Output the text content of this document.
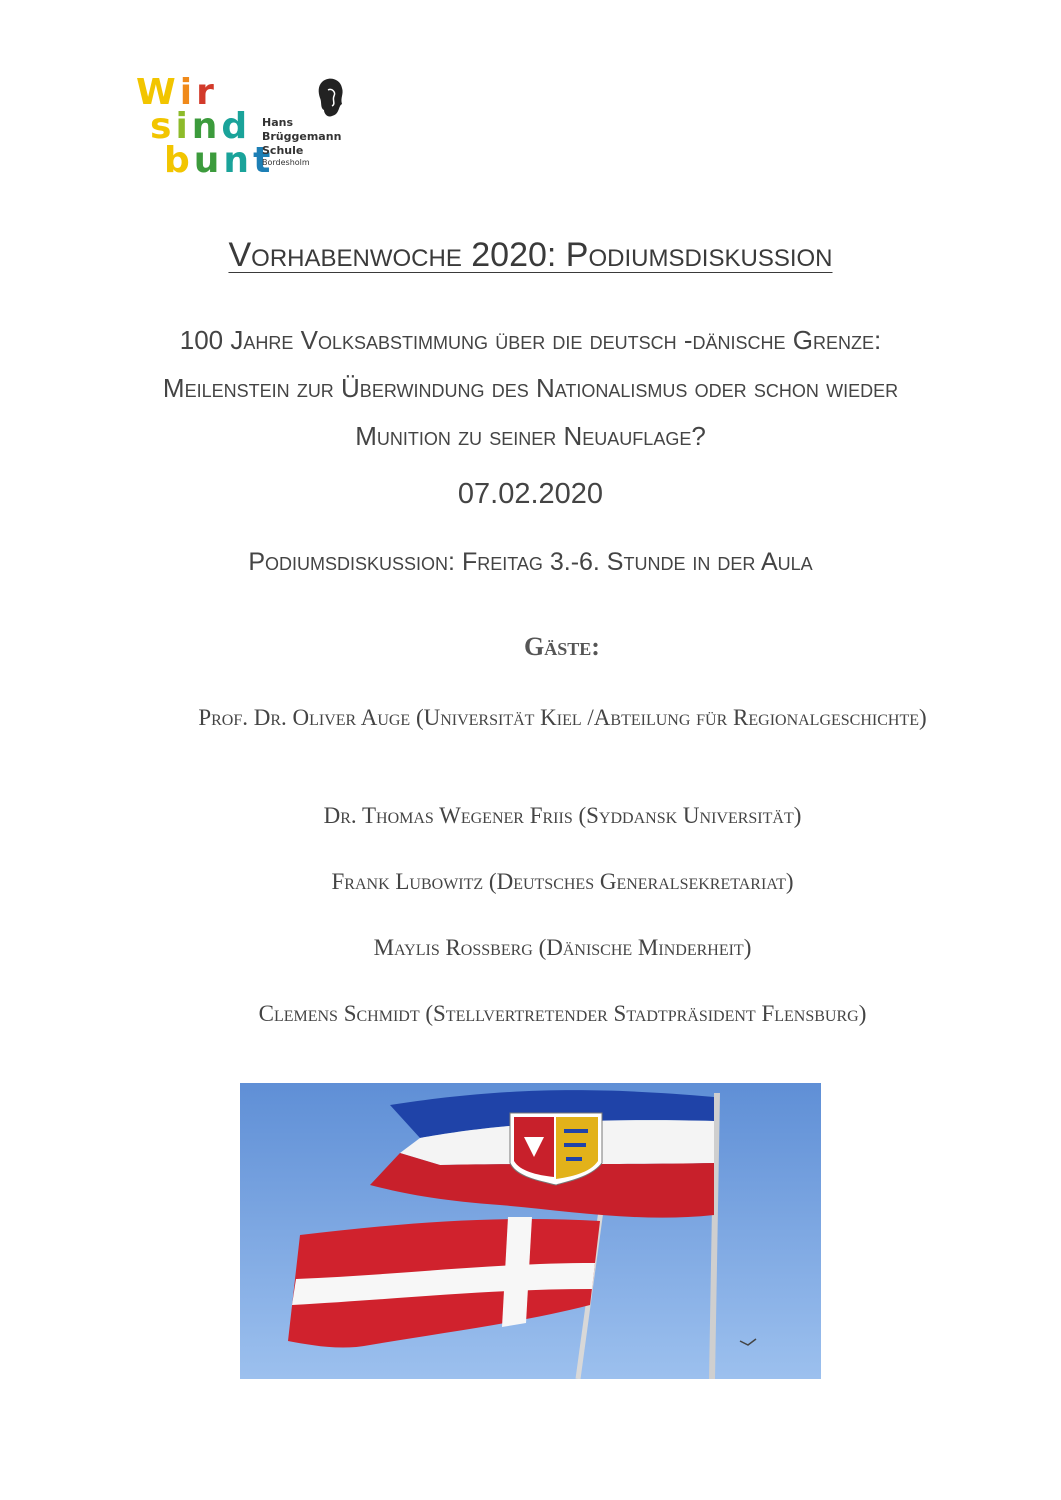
Wir
sind
bunt
Hans
Brüggemann
Schule
Bordesholm
Vorhabenwoche 2020: Podiumsdiskussion
100 Jahre Volksabstimmung über die deutsch -dänische Grenze: Meilenstein zur Überwindung des Nationalismus oder schon wieder Munition zu seiner Neuauflage?
07.02.2020
Podiumsdiskussion: Freitag 3.-6. Stunde in der Aula
Gäste:
Prof. Dr. Oliver Auge (Universität Kiel /Abteilung für Regionalgeschichte)
Dr. Thomas Wegener Friis (Syddansk Universität)
Frank Lubowitz (Deutsches Generalsekretariat)
Maylis Rossberg (Dänische Minderheit)
Clemens Schmidt (Stellvertretender Stadtpräsident Flensburg)
